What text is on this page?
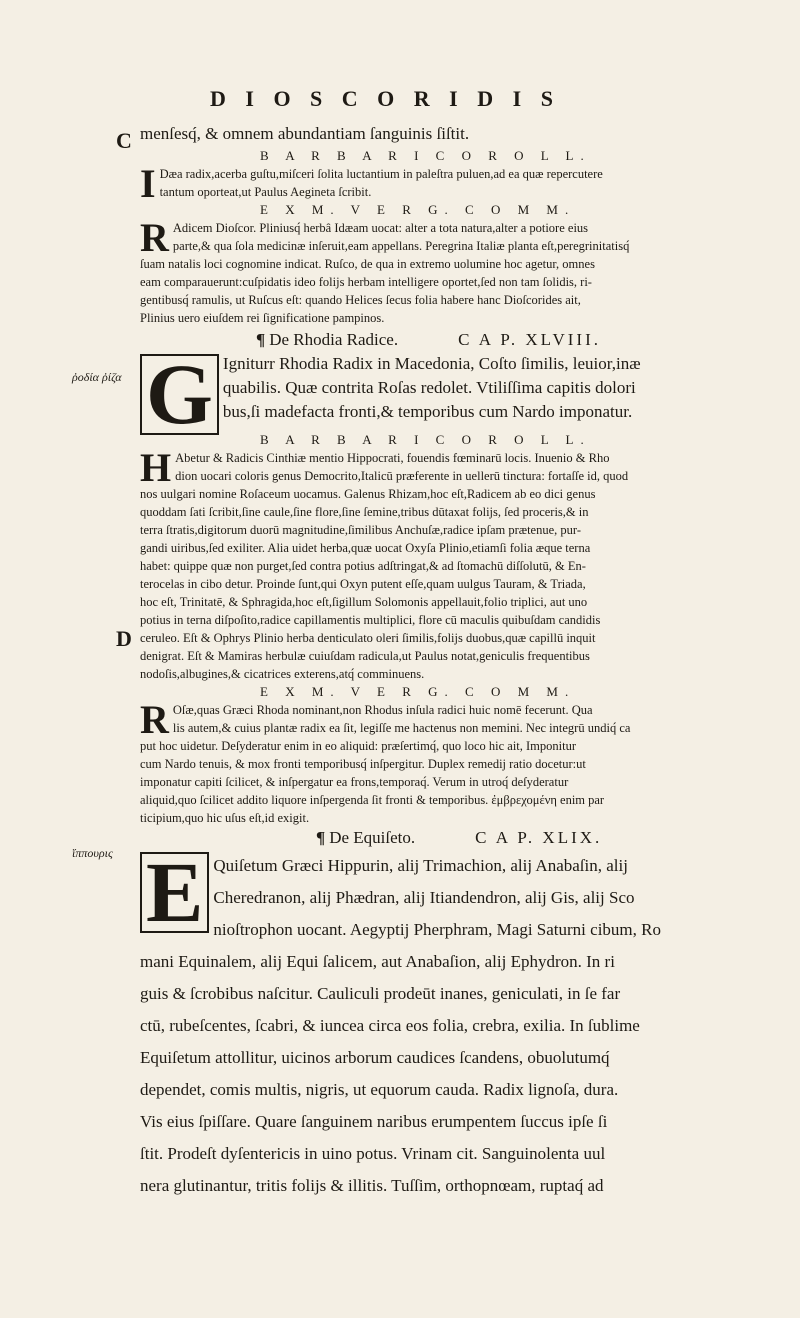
D I O S C O R I D I S
C
D
ῥοδία ῥίζα
ἵππουρις
menſesq́, & omnem abundantiam ſanguinis ſiſtit.
B A R B A R I C O R O L L.
I Dæa radix,acerba guſtu,miſceri ſolita luctantium in paleſtra puluen,ad ea quæ repercutere
tantum oporteat,ut Paulus Aegineta ſcribit.
E X M. V E R G. C O M M.
R Adicem Dioſcor. Pliniusq́ herbâ Idæam uocat: alter a tota natura,alter a potiore eius
parte,& qua ſola medicinæ inſeruit,eam appellans. Peregrina Italiæ planta eſt,peregrinitatisq́
ſuam natalis loci cognomine indicat. Ruſco, de qua in extremo uolumine hoc agetur, omnes
eam comparauerunt:cuſpidatis ideo folijs herbam intelligere oportet,ſed non tam ſolidis, ri-
gentibusq́ ramulis, ut Ruſcus eſt: quando Helices ſecus folia habere hanc Dioſcorides ait,
Plinius uero eiuſdem rei ſignificatione pampinos.
¶ De Rhodia Radice.	C A P. XLVIII.
G Igniturr Rhodia Radix in Macedonia, Coſto ſimilis, leuior,inæ
quabilis. Quæ contrita Roſas redolet. Vtiliſſima capitis dolori
bus,ſi madefacta fronti,& temporibus cum Nardo imponatur.
B A R B A R I C O R O L L.
H Abetur & Radicis Cinthiæ mentio Hippocrati, fouendis fœminarū locis. Inuenio & Rho
dion uocari coloris genus Democrito,Italicū præferente in uellerū tinctura: fortaſſe id, quod
nos uulgari nomine Roſaceum uocamus. Galenus Rhizam,hoc eſt,Radicem ab eo dici genus
quoddam ſati ſcribit,ſine caule,ſine flore,ſine ſemine,tribus dūtaxat folijs, ſed proceris,& in
terra ſtratis,digitorum duorū magnitudine,ſimilibus Anchuſæ,radice ipſam prætenue, pur-
gandi uiribus,ſed exiliter. Alia uidet herba,quæ uocat Oxyſa Plinio,etiamſi folia æque terna
habet: quippe quæ non purget,ſed contra potius adſtringat,& ad ſtomachū diſſolutū, & En-
terocelas in cibo detur. Proinde ſunt,qui Oxyn putent eſſe,quam uulgus Tauram, & Triada,
hoc eſt, Trinitatē, & Sphragida,hoc eſt,ſigillum Solomonis appellauit,folio triplici, aut uno
potius in terna diſpoſito,radice capillamentis multiplici, flore cū maculis quibuſdam candidis
ceruleo. Eſt & Ophrys Plinio herba denticulato oleri ſimilis,folijs duobus,quæ capillū inquit
denigrat. Eſt & Mamiras herbulæ cuiuſdam radicula,ut Paulus notat,geniculis frequentibus
nodoſis,albugines,& cicatrices exterens,atq́ comminuens.
E X M. V E R G. C O M M.
R Oſæ,quas Græci Rhoda nominant,non Rhodus inſula radici huic nomē fecerunt. Qua
lis autem,& cuius plantæ radix ea ſit, legiſſe me hactenus non memini. Nec integrū undiq́ ca
put hoc uidetur. Deſyderatur enim in eo aliquid: præſertimq́, quo loco hic ait, Imponitur
cum Nardo tenuis, & mox fronti temporibusq́ inſpergitur. Duplex remedij ratio docetur:ut
imponatur capiti ſcilicet, & inſpergatur ea frons,temporaq́. Verum in utroq́ deſyderatur
aliquid,quo ſcilicet addito liquore inſpergenda ſit fronti & temporibus. ἐμβρεχομένη enim par
ticipium,quo hic uſus eſt,id exigit.
¶ De Equiſeto.	C A P. XLIX.
E Quiſetum Græci Hippurin, alij Trimachion, alij Anabaſin, alij
Cheredranon, alij Phædran, alij Itiandendron, alij Gis, alij Sco
nioſtrophon uocant. Aegyptij Pherphram, Magi Saturni cibum, Ro
mani Equinalem, alij Equi ſalicem, aut Anabaſion, alij Ephydron. In ri
guis & ſcrobibus naſcitur. Cauliculi prodeūt inanes, geniculati, in ſe far
ctū, rubeſcentes, ſcabri, & iuncea circa eos folia, crebra, exilia. In ſublime
Equiſetum attollitur, uicinos arborum caudices ſcandens, obuolutumq́
dependet, comis multis, nigris, ut equorum cauda. Radix lignoſa, dura.
Vis eius ſpiſſare. Quare ſanguinem naribus erumpentem ſuccus ipſe ſi
ſtit. Prodeſt dyſentericis in uino potus. Vrinam cit. Sanguinolenta uul
nera glutinantur, tritis folijs & illitis. Tuſſim, orthopnœam, ruptaq́ ad
